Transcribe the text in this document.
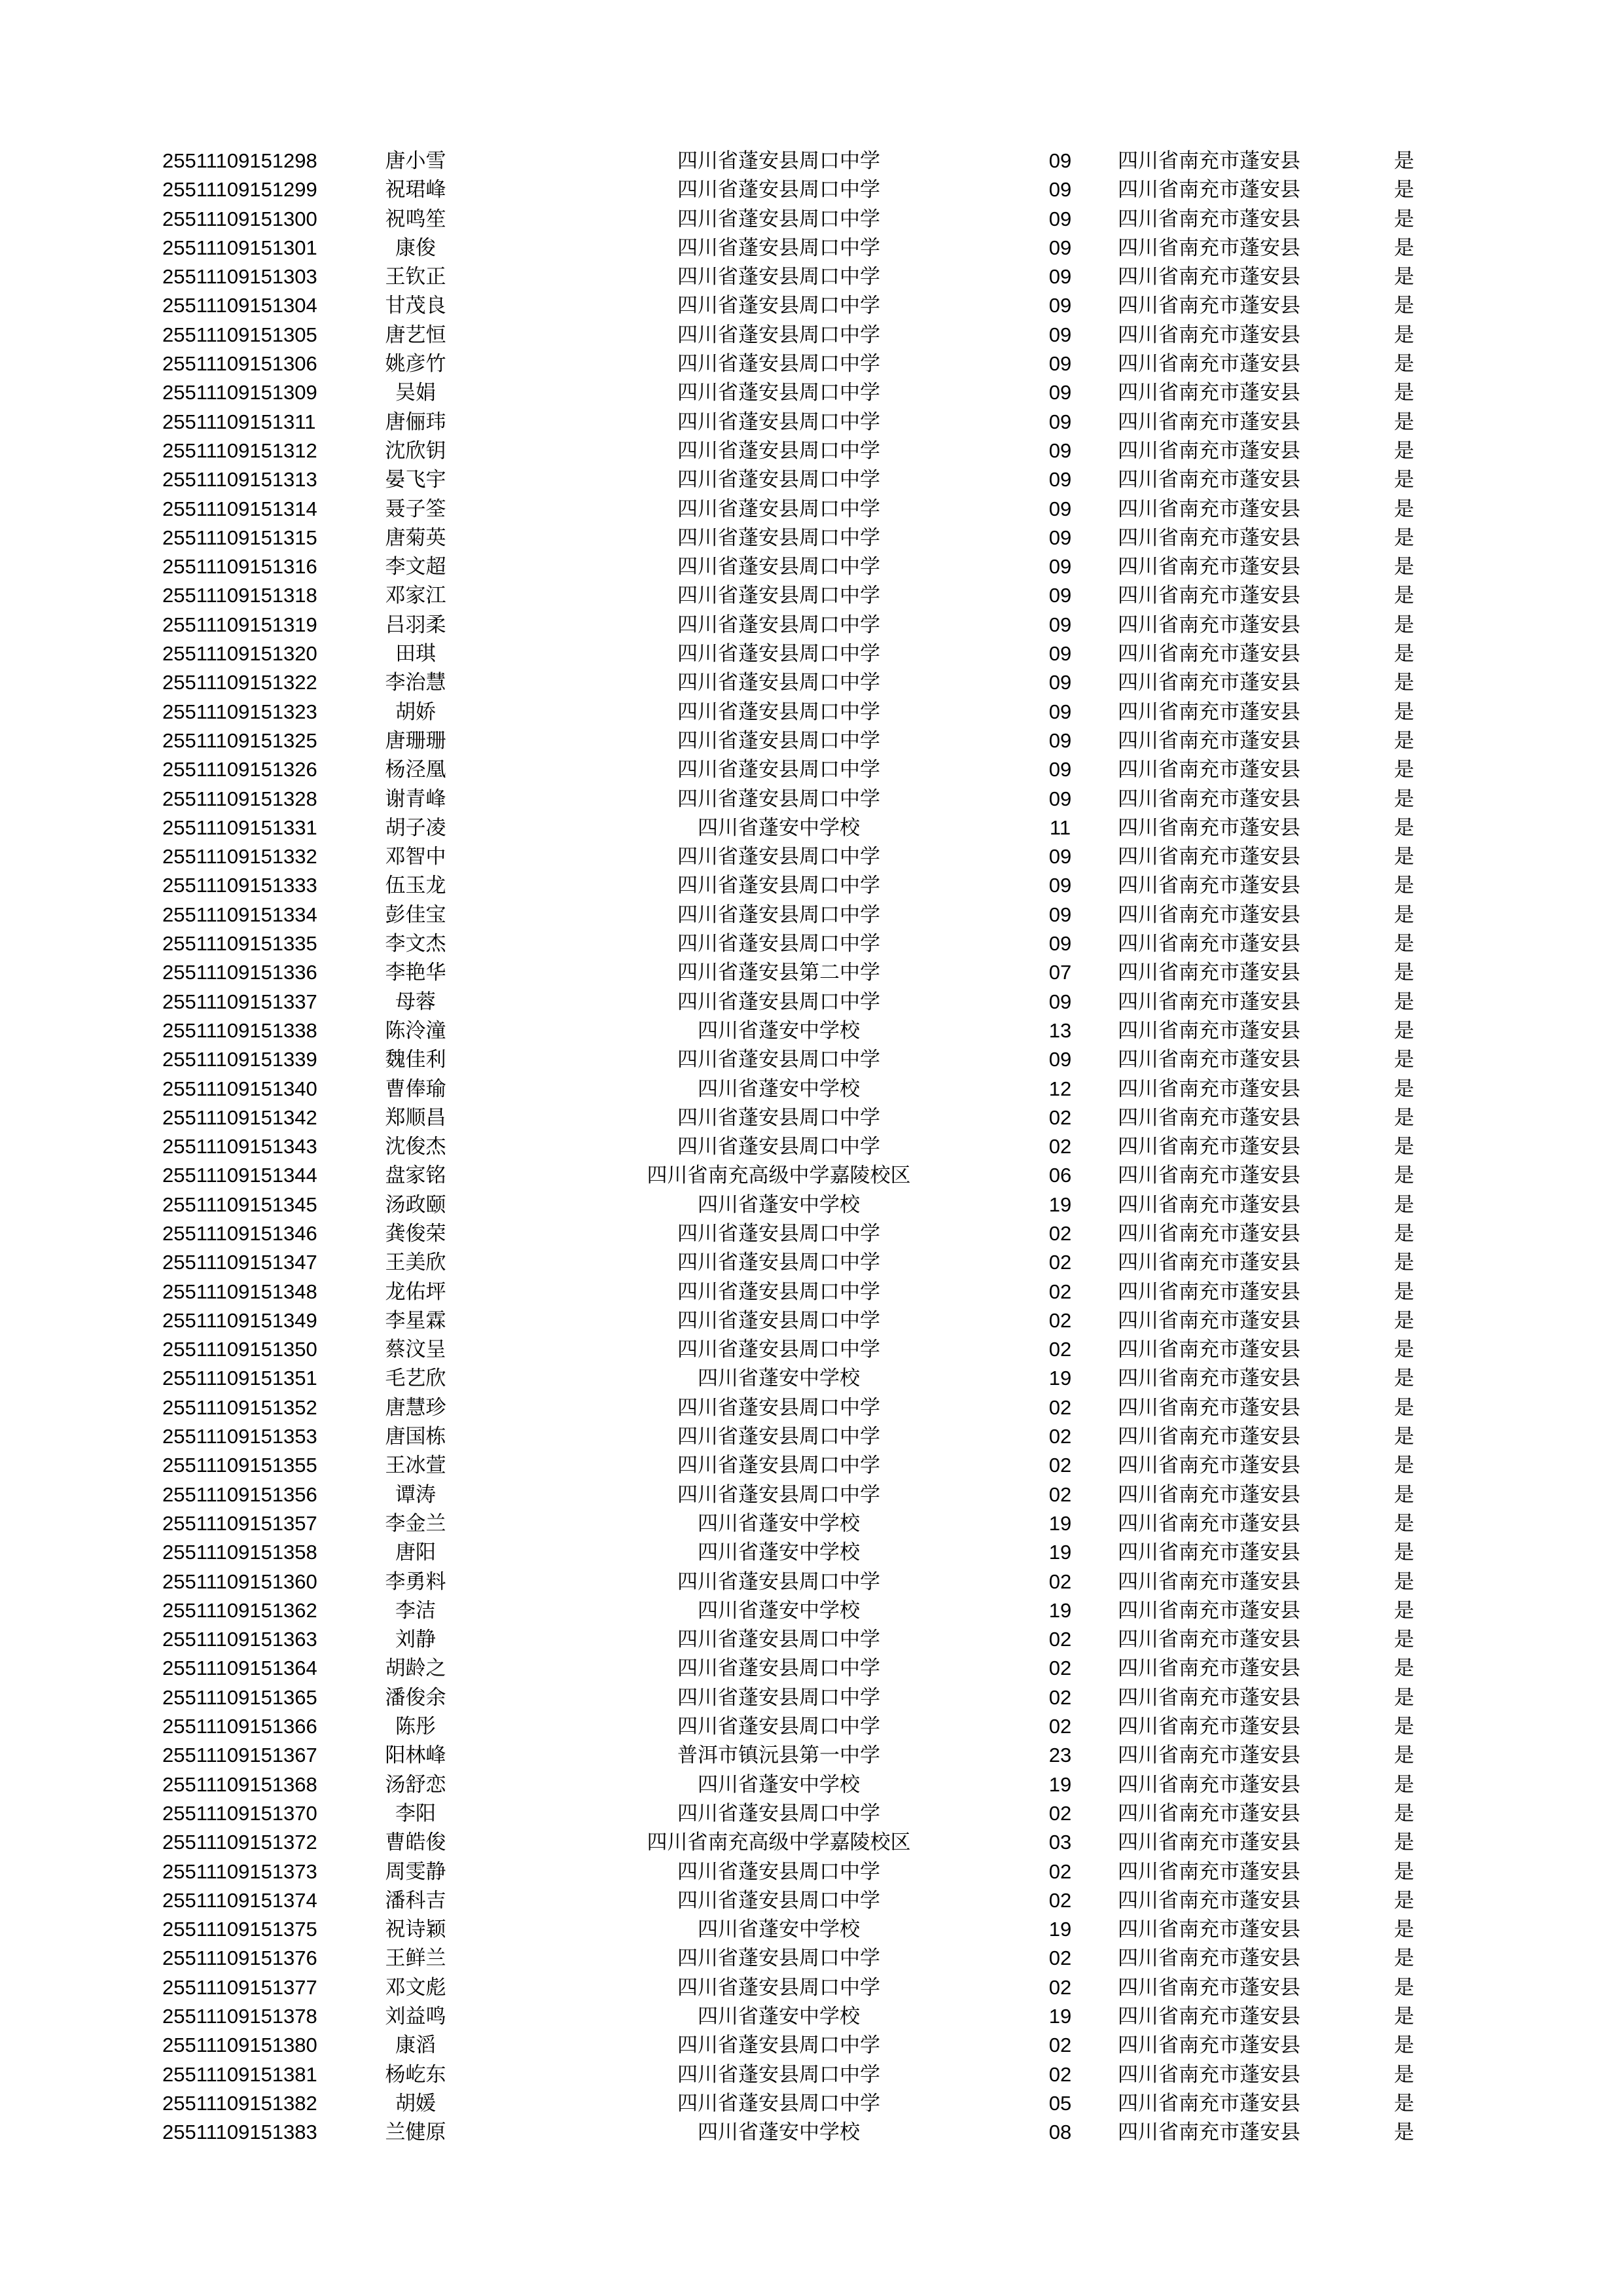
25511109151298	唐小雪	四川省蓬安县周口中学	09	四川省南充市蓬安县	是
25511109151299	祝珺峰	四川省蓬安县周口中学	09	四川省南充市蓬安县	是
25511109151300	祝鸣笙	四川省蓬安县周口中学	09	四川省南充市蓬安县	是
25511109151301	康俊	四川省蓬安县周口中学	09	四川省南充市蓬安县	是
25511109151303	王钦正	四川省蓬安县周口中学	09	四川省南充市蓬安县	是
25511109151304	甘茂良	四川省蓬安县周口中学	09	四川省南充市蓬安县	是
25511109151305	唐艺恒	四川省蓬安县周口中学	09	四川省南充市蓬安县	是
25511109151306	姚彦竹	四川省蓬安县周口中学	09	四川省南充市蓬安县	是
25511109151309	吴娟	四川省蓬安县周口中学	09	四川省南充市蓬安县	是
25511109151311	唐俪玮	四川省蓬安县周口中学	09	四川省南充市蓬安县	是
25511109151312	沈欣钥	四川省蓬安县周口中学	09	四川省南充市蓬安县	是
25511109151313	晏飞宇	四川省蓬安县周口中学	09	四川省南充市蓬安县	是
25511109151314	聂子筌	四川省蓬安县周口中学	09	四川省南充市蓬安县	是
25511109151315	唐菊英	四川省蓬安县周口中学	09	四川省南充市蓬安县	是
25511109151316	李文超	四川省蓬安县周口中学	09	四川省南充市蓬安县	是
25511109151318	邓家江	四川省蓬安县周口中学	09	四川省南充市蓬安县	是
25511109151319	吕羽柔	四川省蓬安县周口中学	09	四川省南充市蓬安县	是
25511109151320	田琪	四川省蓬安县周口中学	09	四川省南充市蓬安县	是
25511109151322	李治慧	四川省蓬安县周口中学	09	四川省南充市蓬安县	是
25511109151323	胡娇	四川省蓬安县周口中学	09	四川省南充市蓬安县	是
25511109151325	唐珊珊	四川省蓬安县周口中学	09	四川省南充市蓬安县	是
25511109151326	杨泾凰	四川省蓬安县周口中学	09	四川省南充市蓬安县	是
25511109151328	谢青峰	四川省蓬安县周口中学	09	四川省南充市蓬安县	是
25511109151331	胡子凌	四川省蓬安中学校	11	四川省南充市蓬安县	是
25511109151332	邓智中	四川省蓬安县周口中学	09	四川省南充市蓬安县	是
25511109151333	伍玉龙	四川省蓬安县周口中学	09	四川省南充市蓬安县	是
25511109151334	彭佳宝	四川省蓬安县周口中学	09	四川省南充市蓬安县	是
25511109151335	李文杰	四川省蓬安县周口中学	09	四川省南充市蓬安县	是
25511109151336	李艳华	四川省蓬安县第二中学	07	四川省南充市蓬安县	是
25511109151337	母蓉	四川省蓬安县周口中学	09	四川省南充市蓬安县	是
25511109151338	陈泠潼	四川省蓬安中学校	13	四川省南充市蓬安县	是
25511109151339	魏佳利	四川省蓬安县周口中学	09	四川省南充市蓬安县	是
25511109151340	曹俸瑜	四川省蓬安中学校	12	四川省南充市蓬安县	是
25511109151342	郑顺昌	四川省蓬安县周口中学	02	四川省南充市蓬安县	是
25511109151343	沈俊杰	四川省蓬安县周口中学	02	四川省南充市蓬安县	是
25511109151344	盘家铭	四川省南充高级中学嘉陵校区	06	四川省南充市蓬安县	是
25511109151345	汤政颐	四川省蓬安中学校	19	四川省南充市蓬安县	是
25511109151346	龚俊荣	四川省蓬安县周口中学	02	四川省南充市蓬安县	是
25511109151347	王美欣	四川省蓬安县周口中学	02	四川省南充市蓬安县	是
25511109151348	龙佑坪	四川省蓬安县周口中学	02	四川省南充市蓬安县	是
25511109151349	李星霖	四川省蓬安县周口中学	02	四川省南充市蓬安县	是
25511109151350	蔡汶呈	四川省蓬安县周口中学	02	四川省南充市蓬安县	是
25511109151351	毛艺欣	四川省蓬安中学校	19	四川省南充市蓬安县	是
25511109151352	唐慧珍	四川省蓬安县周口中学	02	四川省南充市蓬安县	是
25511109151353	唐国栋	四川省蓬安县周口中学	02	四川省南充市蓬安县	是
25511109151355	王冰萱	四川省蓬安县周口中学	02	四川省南充市蓬安县	是
25511109151356	谭涛	四川省蓬安县周口中学	02	四川省南充市蓬安县	是
25511109151357	李金兰	四川省蓬安中学校	19	四川省南充市蓬安县	是
25511109151358	唐阳	四川省蓬安中学校	19	四川省南充市蓬安县	是
25511109151360	李勇料	四川省蓬安县周口中学	02	四川省南充市蓬安县	是
25511109151362	李洁	四川省蓬安中学校	19	四川省南充市蓬安县	是
25511109151363	刘静	四川省蓬安县周口中学	02	四川省南充市蓬安县	是
25511109151364	胡龄之	四川省蓬安县周口中学	02	四川省南充市蓬安县	是
25511109151365	潘俊余	四川省蓬安县周口中学	02	四川省南充市蓬安县	是
25511109151366	陈彤	四川省蓬安县周口中学	02	四川省南充市蓬安县	是
25511109151367	阳林峰	普洱市镇沅县第一中学	23	四川省南充市蓬安县	是
25511109151368	汤舒恋	四川省蓬安中学校	19	四川省南充市蓬安县	是
25511109151370	李阳	四川省蓬安县周口中学	02	四川省南充市蓬安县	是
25511109151372	曹皓俊	四川省南充高级中学嘉陵校区	03	四川省南充市蓬安县	是
25511109151373	周雯静	四川省蓬安县周口中学	02	四川省南充市蓬安县	是
25511109151374	潘科吉	四川省蓬安县周口中学	02	四川省南充市蓬安县	是
25511109151375	祝诗颖	四川省蓬安中学校	19	四川省南充市蓬安县	是
25511109151376	王鲜兰	四川省蓬安县周口中学	02	四川省南充市蓬安县	是
25511109151377	邓文彪	四川省蓬安县周口中学	02	四川省南充市蓬安县	是
25511109151378	刘益鸣	四川省蓬安中学校	19	四川省南充市蓬安县	是
25511109151380	康滔	四川省蓬安县周口中学	02	四川省南充市蓬安县	是
25511109151381	杨屹东	四川省蓬安县周口中学	02	四川省南充市蓬安县	是
25511109151382	胡媛	四川省蓬安县周口中学	05	四川省南充市蓬安县	是
25511109151383	兰健原	四川省蓬安中学校	08	四川省南充市蓬安县	是
